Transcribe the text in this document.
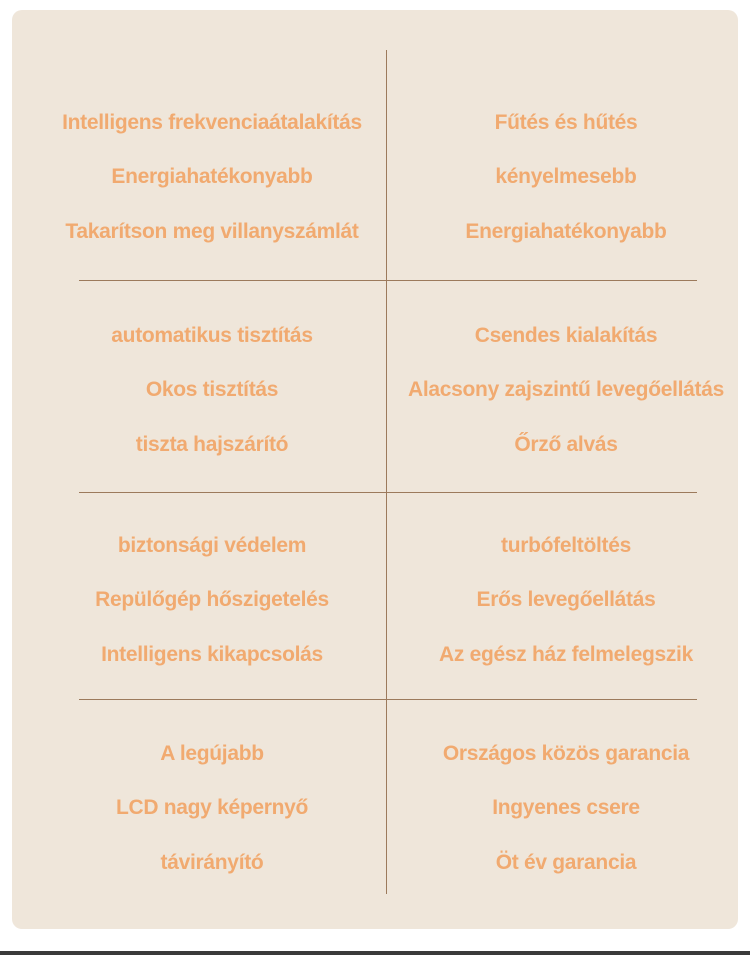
Intelligens frekvenciaátalakítás
Energiahatékonyabb
Takarítson meg villanyszámlát
Fűtés és hűtés
kényelmesebb
Energiahatékonyabb
automatikus tisztítás
Okos tisztítás
tiszta hajszárító
Csendes kialakítás
Alacsony zajszintű levegőellátás
Őrző alvás
biztonsági védelem
Repülőgép hőszigetelés
Intelligens kikapcsolás
turbófeltöltés
Erős levegőellátás
Az egész ház felmelegszik
A legújabb
LCD nagy képernyő
távirányító
Országos közös garancia
Ingyenes csere
Öt év garancia
